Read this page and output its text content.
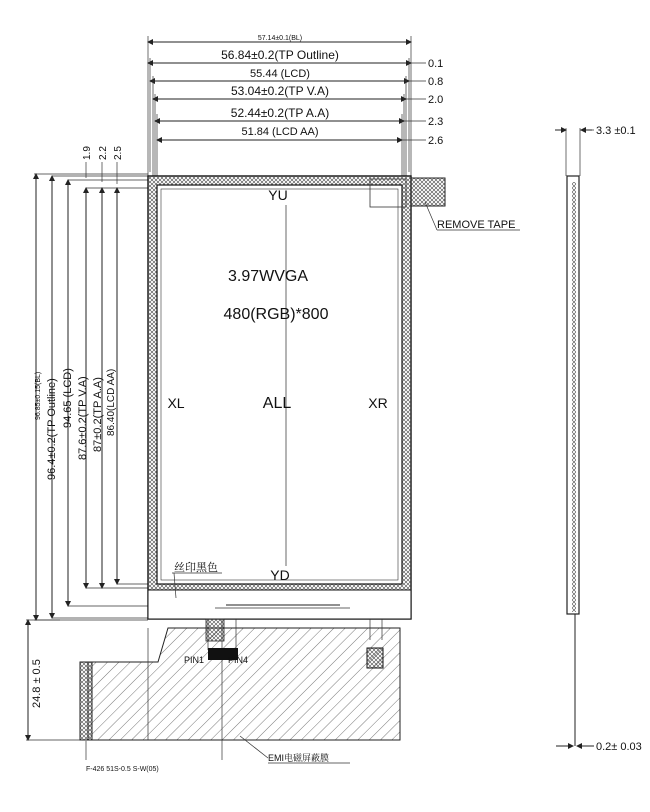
57.14±0.1(BL)
56.84±0.2(TP Outline)
55.44 (LCD)
53.04±0.2(TP V.A)
52.44±0.2(TP A.A)
51.84 (LCD AA)
0.1
0.8
2.0
2.3
2.6
1.9 2.2 2.5
96.85±0.15(BL) 96.4±0.2(TP Outline) 94.65 (LCD) 87.6±0.2(TP V.A) 87±0.2(TP A.A) 86.40(LCD AA)
YU
YD
XL	XR
ALL
3.97WVGA
480(RGB)*800
REMOVE TAPE
丝印黑色
PIN1	PIN4
EMI电磁屏蔽膜
F-426 51S-0.5 S-W(05)
24.8 ± 0.5
3.3 ±0.1
0.2± 0.03
